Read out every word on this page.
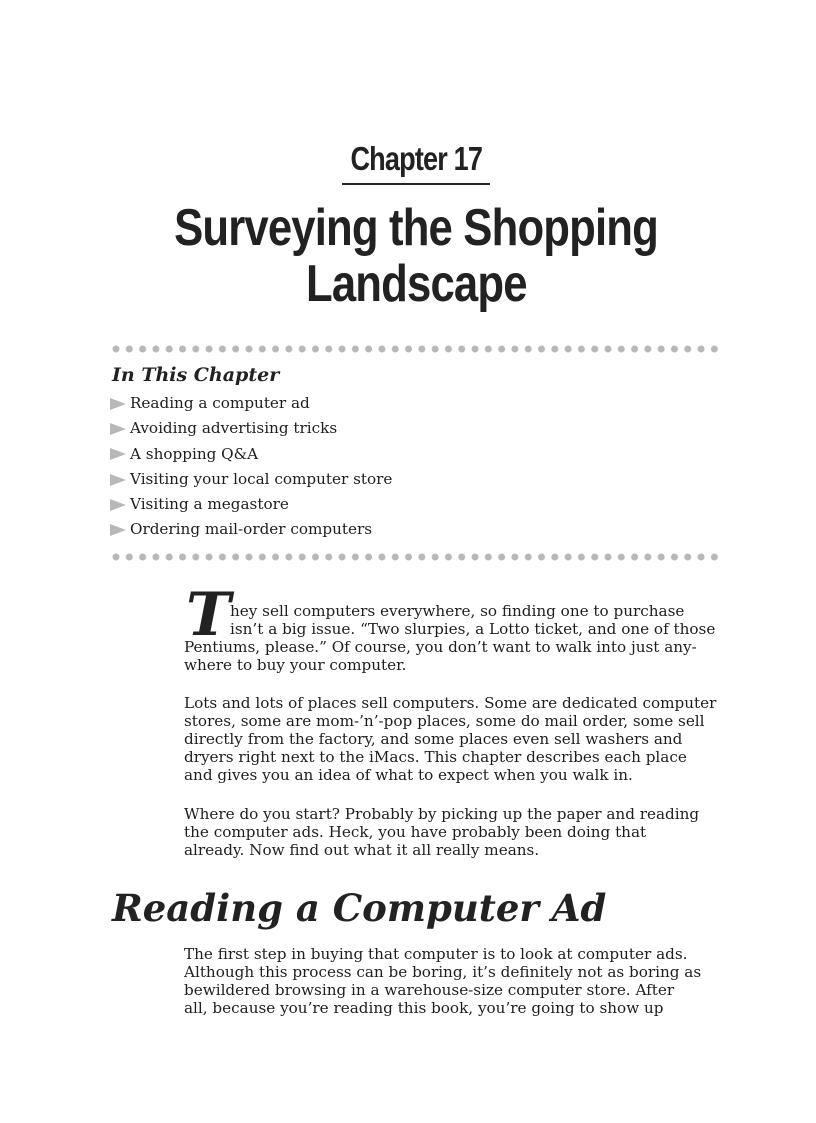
Chapter 17
Surveying the Shopping
Landscape
In This Chapter
Reading a computer ad
Avoiding advertising tricks
A shopping Q&A
Visiting your local computer store
Visiting a megastore
Ordering mail-order computers
T hey sell computers everywhere, so finding one to purchase
isn’t a big issue. “Two slurpies, a Lotto ticket, and one of those
Pentiums, please.” Of course, you don’t want to walk into just any-
where to buy your computer.
Lots and lots of places sell computers. Some are dedicated computer
stores, some are mom-’n’-pop places, some do mail order, some sell
directly from the factory, and some places even sell washers and
dryers right next to the iMacs. This chapter describes each place
and gives you an idea of what to expect when you walk in.
Where do you start? Probably by picking up the paper and reading
the computer ads. Heck, you have probably been doing that
already. Now find out what it all really means.
Reading a Computer Ad
The first step in buying that computer is to look at computer ads.
Although this process can be boring, it’s definitely not as boring as
bewildered browsing in a warehouse-size computer store. After
all, because you’re reading this book, you’re going to show up
